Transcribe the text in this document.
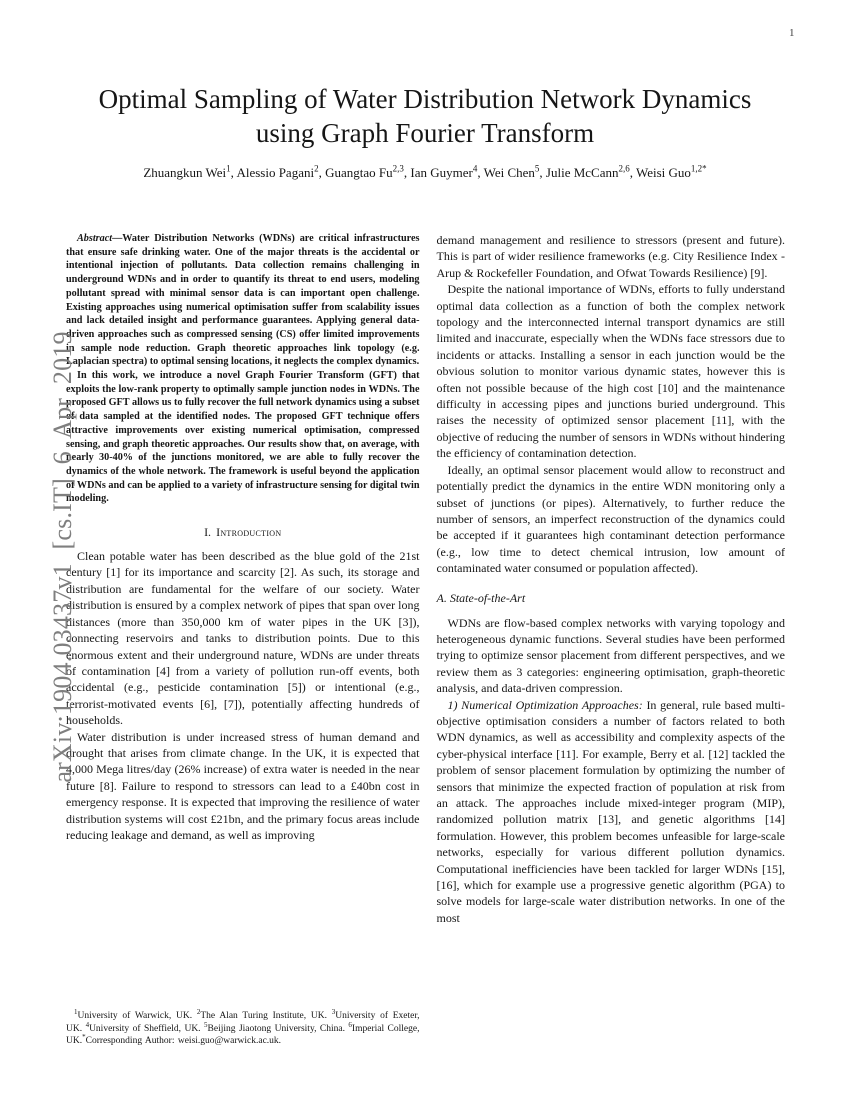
1
arXiv:1904.03437v1 [cs.IT] 6 Apr 2019
Optimal Sampling of Water Distribution Network Dynamics using Graph Fourier Transform
Zhuangkun Wei$^1$, Alessio Pagani$^2$, Guangtao Fu$^{2,3}$, Ian Guymer$^4$, Wei Chen$^5$, Julie McCann$^{2,6}$, Weisi Guo$^{1,2*}$

Abstract—Water Distribution Networks (WDNs) are critical infrastructures that ensure safe drinking water. One of the major threats is the accidental or intentional injection of pollutants. Data collection remains challenging in underground WDNs and in order to quantify its threat to end users, modeling pollutant spread with minimal sensor data is can important open challenge. Existing approaches using numerical optimisation suffer from scalability issues and lack detailed insight and performance guarantees. Applying general data-driven approaches such as compressed sensing (CS) offer limited improvements in sample node reduction. Graph theoretic approaches link topology (e.g. Laplacian spectra) to optimal sensing locations, it neglects the complex dynamics.

In this work, we introduce a novel Graph Fourier Transform (GFT) that exploits the low-rank property to optimally sample junction nodes in WDNs. The proposed GFT allows us to fully recover the full network dynamics using a subset of data sampled at the identified nodes. The proposed GFT technique offers attractive improvements over existing numerical optimisation, compressed sensing, and graph theoretic approaches. Our results show that, on average, with nearly 30-40% of the junctions monitored, we are able to fully recover the dynamics of the whole network. The framework is useful beyond the application of WDNs and can be applied to a variety of infrastructure sensing for digital twin modeling.

I. Introduction

Clean potable water has been described as the blue gold of the 21st century [1] for its importance and scarcity [2]. As such, its storage and distribution are fundamental for the welfare of our society. Water distribution is ensured by a complex network of pipes that span over long distances (more than 350,000 km of water pipes in the UK [3]), connecting reservoirs and tanks to distribution points. Due to this enormous extent and their underground nature, WDNs are under threats of contamination [4] from a variety of pollution run-off events, both accidental (e.g., pesticide contamination [5]) or intentional (e.g., terrorist-motivated events [6], [7]), potentially affecting hundreds of households.

Water distribution is under increased stress of human demand and drought that arises from climate change. In the UK, it is expected that 4,000 Mega litres/day (26% increase) of extra water is needed in the near future [8]. Failure to respond to stressors can lead to a £40bn cost in emergency response. It is expected that improving the resilience of water distribution systems will cost £21bn, and the primary focus areas include reducing leakage and demand, as well as improving

$^1$University of Warwick, UK. $^2$The Alan Turing Institute, UK. $^3$University of Exeter, UK. $^4$University of Sheffield, UK. $^5$Beijing Jiaotong University, China. $^6$Imperial College, UK.*Corresponding Author: weisi.guo@warwick.ac.uk.

demand management and resilience to stressors (present and future). This is part of wider resilience frameworks (e.g. City Resilience Index - Arup & Rockefeller Foundation, and Ofwat Towards Resilience) [9].

Despite the national importance of WDNs, efforts to fully understand optimal data collection as a function of both the complex network topology and the interconnected internal transport dynamics are still limited and inaccurate, especially when the WDNs face stressors due to incidents or attacks. Installing a sensor in each junction would be the obvious solution to monitor various dynamic states, however this is often not possible because of the high cost [10] and the maintenance difficulty in accessing pipes and junctions buried underground. This raises the necessity of optimized sensor placement [11], with the objective of reducing the number of sensors in WDNs without hindering the efficiency of contamination detection.

Ideally, an optimal sensor placement would allow to reconstruct and potentially predict the dynamics in the entire WDN monitoring only a subset of junctions (or pipes). Alternatively, to further reduce the number of sensors, an imperfect reconstruction of the dynamics could be accepted if it guarantees high contaminant detection performance (e.g., low time to detect chemical intrusion, low amount of contaminated water consumed or population affected).

A. State-of-the-Art

WDNs are flow-based complex networks with varying topology and heterogeneous dynamic functions. Several studies have been performed trying to optimize sensor placement from different perspectives, and we review them as 3 categories: engineering optimisation, graph-theoretic analysis, and data-driven compression.

1) Numerical Optimization Approaches: In general, rule based multi-objective optimisation considers a number of factors related to both WDN dynamics, as well as accessibility and complexity aspects of the cyber-physical interface [11]. For example, Berry et al. [12] tackled the problem of sensor placement formulation by optimizing the number of sensors that minimize the expected fraction of population at risk from an attack. The approaches include mixed-integer program (MIP), randomized pollution matrix [13], and genetic algorithms [14] formulation. However, this problem becomes unfeasible for large-scale networks, especially for various different pollution dynamics. Computational inefficiencies have been tackled for larger WDNs [15], [16], which for example use a progressive genetic algorithm (PGA) to solve models for large-scale water distribution networks. In one of the most
